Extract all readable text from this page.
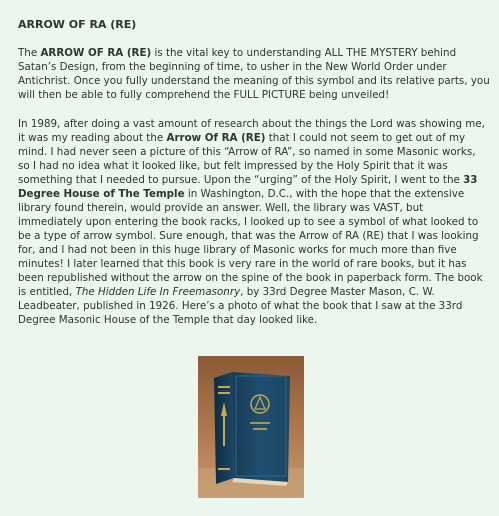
ARROW OF RA (RE)

The ARROW OF RA (RE) is the vital key to understanding ALL THE MYSTERY behind Satan’s Design, from the beginning of time, to usher in the New World Order under Antichrist. Once you fully understand the meaning of this symbol and its relative parts, you will then be able to fully comprehend the FULL PICTURE being unveiled!

In 1989, after doing a vast amount of research about the things the Lord was showing me, it was my reading about the Arrow Of RA (RE) that I could not seem to get out of my mind. I had never seen a picture of this “Arrow of RA”, so named in some Masonic works, so I had no idea what it looked like, but felt impressed by the Holy Spirit that it was something that I needed to pursue. Upon the “urging” of the Holy Spirit, I went to the 33 Degree House of The Temple in Washington, D.C., with the hope that the extensive library found therein, would provide an answer. Well, the library was VAST, but immediately upon entering the book racks, I looked up to see a symbol of what looked to be a type of arrow symbol. Sure enough, that was the Arrow of RA (RE) that I was looking for, and I had not been in this huge library of Masonic works for much more than five minutes! I later learned that this book is very rare in the world of rare books, but it has been republished without the arrow on the spine of the book in paperback form. The book is entitled, The Hidden Life In Freemasonry, by 33rd Degree Master Mason, C. W. Leadbeater, published in 1926. Here’s a photo of what the book that I saw at the 33rd Degree Masonic House of the Temple that day looked like.
